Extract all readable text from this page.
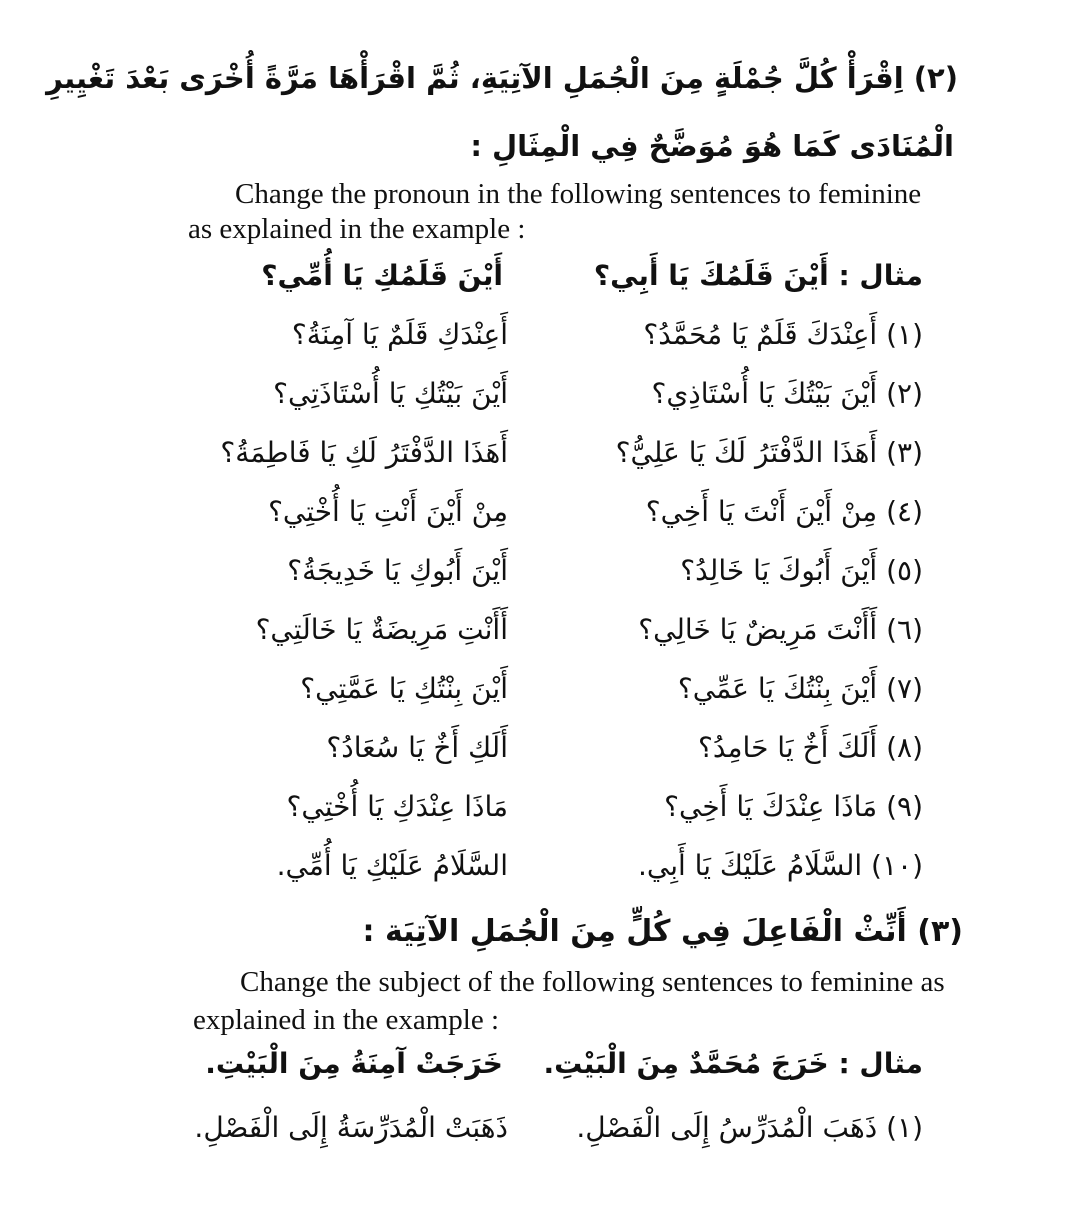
(٢) اِقْرَأْ كُلَّ جُمْلَةٍ مِنَ الْجُمَلِ الآتِيَةِ، ثُمَّ اقْرَأْهَا مَرَّةً أُخْرَى بَعْدَ تَغْيِيرِ
الْمُنَادَى كَمَا هُوَ مُوَضَّحٌ فِي الْمِثَالِ :
Change the pronoun in the following sentences to feminine
as explained in the example :
مثال : أَيْنَ قَلَمُكَ يَا أَبِي؟
أَيْنَ قَلَمُكِ يَا أُمِّي؟
(١) أَعِنْدَكَ قَلَمٌ يَا مُحَمَّدُ؟
أَعِنْدَكِ قَلَمٌ يَا آمِنَةُ؟
(٢) أَيْنَ بَيْتُكَ يَا أُسْتَاذِي؟
أَيْنَ بَيْتُكِ يَا أُسْتَاذَتِي؟
(٣) أَهَذَا الدَّفْتَرُ لَكَ يَا عَلِيُّ؟
أَهَذَا الدَّفْتَرُ لَكِ يَا فَاطِمَةُ؟
(٤) مِنْ أَيْنَ أَنْتَ يَا أَخِي؟
مِنْ أَيْنَ أَنْتِ يَا أُخْتِي؟
(٥) أَيْنَ أَبُوكَ يَا خَالِدُ؟
أَيْنَ أَبُوكِ يَا خَدِيجَةُ؟
(٦) أَأَنْتَ مَرِيضٌ يَا خَالِي؟
أَأَنْتِ مَرِيضَةٌ يَا خَالَتِي؟
(٧) أَيْنَ بِنْتُكَ يَا عَمِّي؟
أَيْنَ بِنْتُكِ يَا عَمَّتِي؟
(٨) أَلَكَ أَخٌ يَا حَامِدُ؟
أَلَكِ أَخٌ يَا سُعَادُ؟
(٩) مَاذَا عِنْدَكَ يَا أَخِي؟
مَاذَا عِنْدَكِ يَا أُخْتِي؟
(١٠) السَّلَامُ عَلَيْكَ يَا أَبِي.
السَّلَامُ عَلَيْكِ يَا أُمِّي.
(٣) أَنِّثْ الْفَاعِلَ فِي كُلٍّ مِنَ الْجُمَلِ الآتِيَة :
Change the subject of the following sentences to feminine as
explained in the example :
مثال : خَرَجَ مُحَمَّدٌ مِنَ الْبَيْتِ.
خَرَجَتْ آمِنَةُ مِنَ الْبَيْتِ.
(١) ذَهَبَ الْمُدَرِّسُ إِلَى الْفَصْلِ.
ذَهَبَتْ الْمُدَرِّسَةُ إِلَى الْفَصْلِ.
